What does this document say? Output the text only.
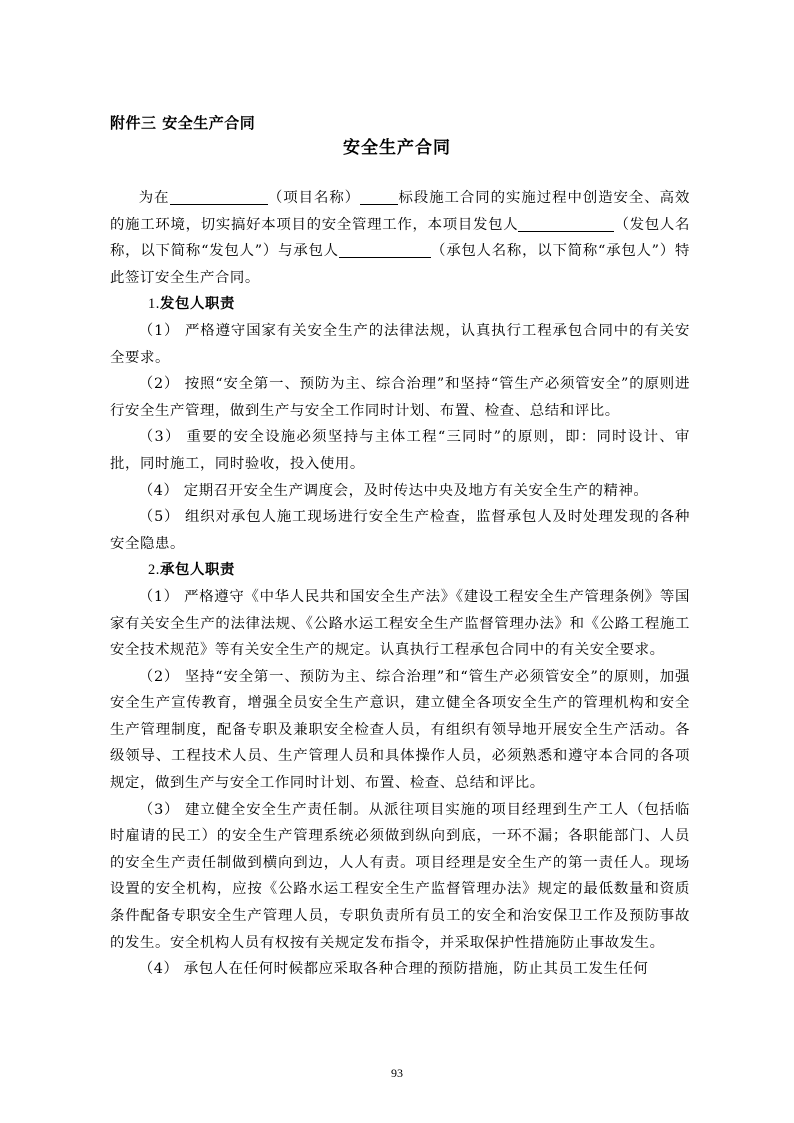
附件三 安全生产合同
安全生产合同

为在	（项目名称）	标段施工合同的实施过程中创造安全、高效的施工环境，切实搞好本项目的安全管理工作，本项目发包人	（发包人名称，以下简称“发包人”）与承包人	（承包人名称，以下简称“承包人”）特此签订安全生产合同。

1.发包人职责

（1） 严格遵守国家有关安全生产的法律法规，认真执行工程承包合同中的有关安全要求。

（2） 按照“安全第一、预防为主、综合治理”和坚持“管生产必须管安全”的原则进行安全生产管理，做到生产与安全工作同时计划、布置、检查、总结和评比。

（3） 重要的安全设施必须坚持与主体工程“三同时”的原则，即：同时设计、审批，同时施工，同时验收，投入使用。

（4） 定期召开安全生产调度会，及时传达中央及地方有关安全生产的精神。

（5） 组织对承包人施工现场进行安全生产检查，监督承包人及时处理发现的各种安全隐患。

2.承包人职责

（1） 严格遵守《中华人民共和国安全生产法》《建设工程安全生产管理条例》等国家有关安全生产的法律法规、《公路水运工程安全生产监督管理办法》和《公路工程施工安全技术规范》等有关安全生产的规定。认真执行工程承包合同中的有关安全要求。

（2） 坚持“安全第一、预防为主、综合治理”和“管生产必须管安全”的原则，加强安全生产宣传教育，增强全员安全生产意识，建立健全各项安全生产的管理机构和安全生产管理制度，配备专职及兼职安全检查人员，有组织有领导地开展安全生产活动。各级领导、工程技术人员、生产管理人员和具体操作人员，必须熟悉和遵守本合同的各项规定，做到生产与安全工作同时计划、布置、检查、总结和评比。

（3） 建立健全安全生产责任制。从派往项目实施的项目经理到生产工人（包括临时雇请的民工）的安全生产管理系统必须做到纵向到底，一环不漏；各职能部门、人员的安全生产责任制做到横向到边，人人有责。项目经理是安全生产的第一责任人。现场设置的安全机构，应按《公路水运工程安全生产监督管理办法》规定的最低数量和资质条件配备专职安全生产管理人员，专职负责所有员工的安全和治安保卫工作及预防事故的发生。安全机构人员有权按有关规定发布指令，并采取保护性措施防止事故发生。

（4） 承包人在任何时候都应采取各种合理的预防措施，防止其员工发生任何

93
